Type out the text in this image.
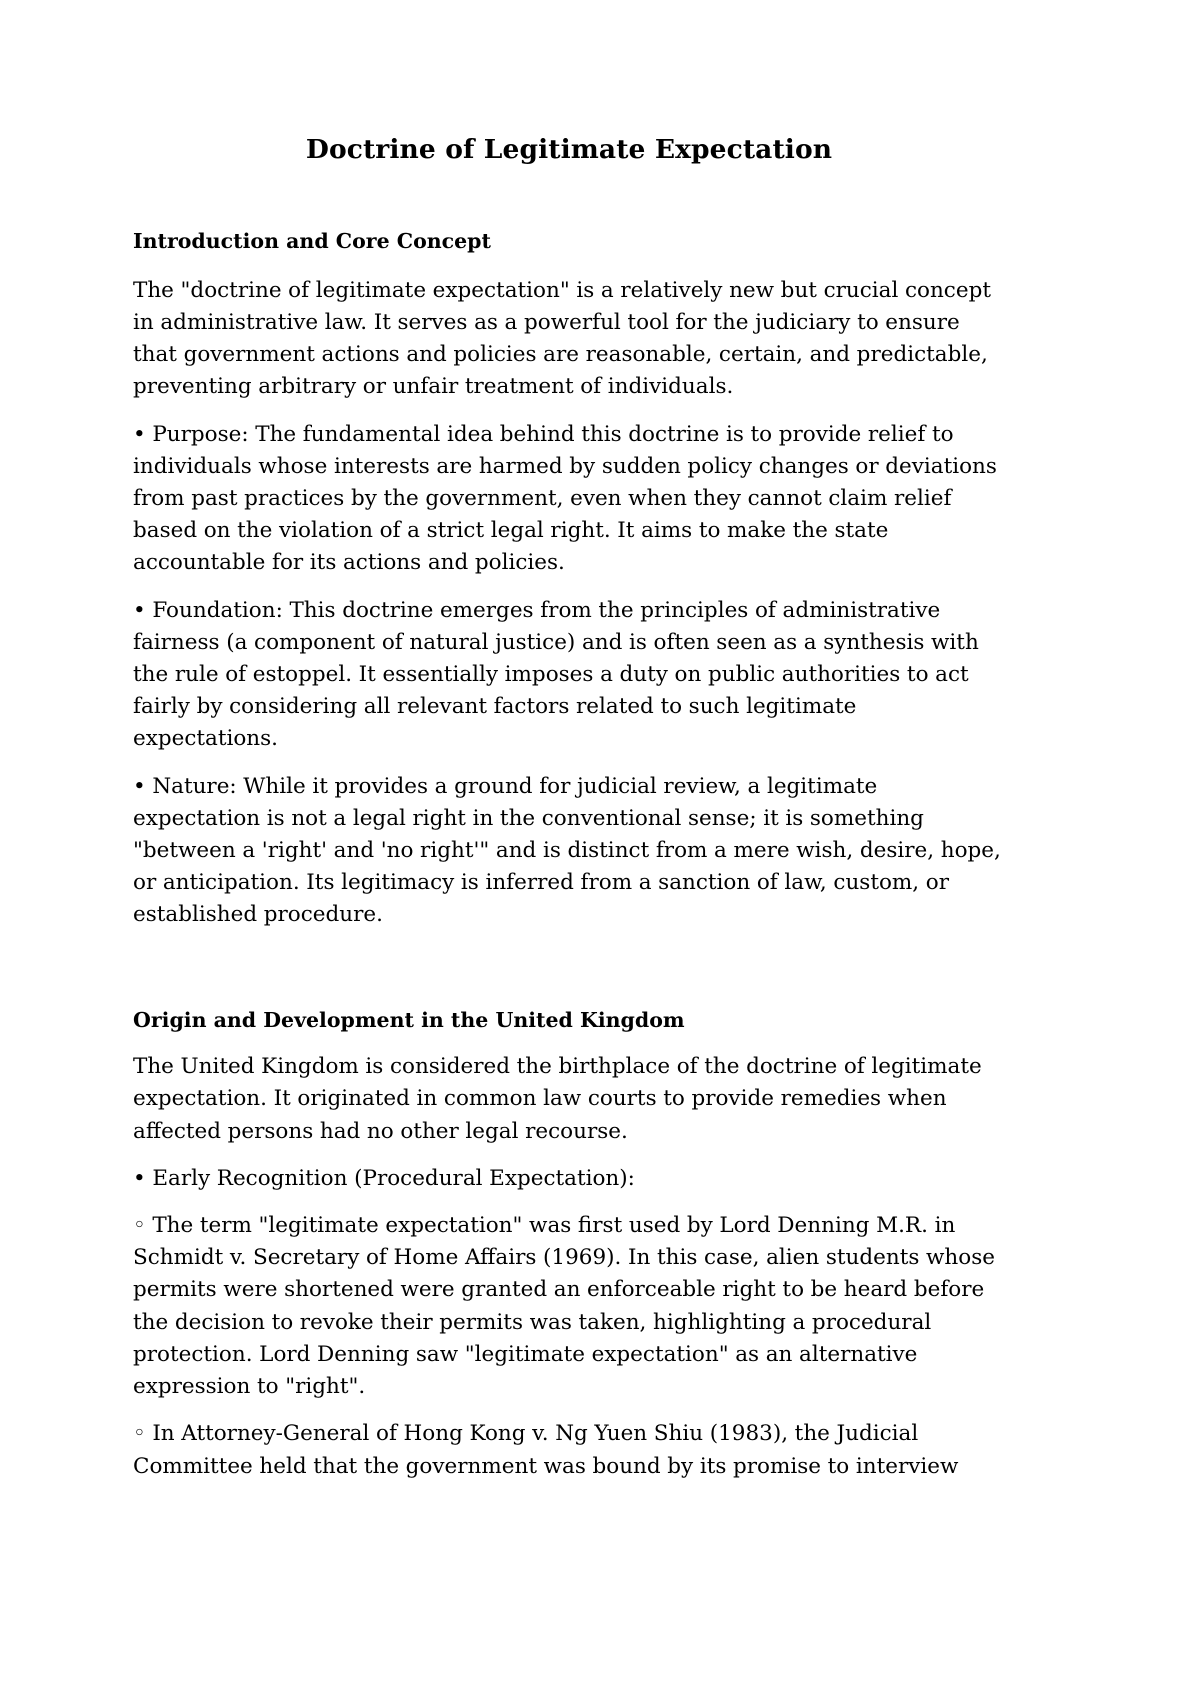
Doctrine of Legitimate Expectation
Introduction and Core Concept

The "doctrine of legitimate expectation" is a relatively new but crucial concept in administrative law. It serves as a powerful tool for the judiciary to ensure that government actions and policies are reasonable, certain, and predictable, preventing arbitrary or unfair treatment of individuals.

• Purpose: The fundamental idea behind this doctrine is to provide relief to individuals whose interests are harmed by sudden policy changes or deviations from past practices by the government, even when they cannot claim relief based on the violation of a strict legal right. It aims to make the state accountable for its actions and policies.

• Foundation: This doctrine emerges from the principles of administrative fairness (a component of natural justice) and is often seen as a synthesis with the rule of estoppel. It essentially imposes a duty on public authorities to act fairly by considering all relevant factors related to such legitimate expectations.

• Nature: While it provides a ground for judicial review, a legitimate expectation is not a legal right in the conventional sense; it is something "between a 'right' and 'no right'" and is distinct from a mere wish, desire, hope, or anticipation. Its legitimacy is inferred from a sanction of law, custom, or established procedure.

Origin and Development in the United Kingdom

The United Kingdom is considered the birthplace of the doctrine of legitimate expectation. It originated in common law courts to provide remedies when affected persons had no other legal recourse.

• Early Recognition (Procedural Expectation):

◦ The term "legitimate expectation" was first used by Lord Denning M.R. in Schmidt v. Secretary of Home Affairs (1969). In this case, alien students whose permits were shortened were granted an enforceable right to be heard before the decision to revoke their permits was taken, highlighting a procedural protection. Lord Denning saw "legitimate expectation" as an alternative expression to "right".

◦ In Attorney-General of Hong Kong v. Ng Yuen Shiu (1983), the Judicial Committee held that the government was bound by its promise to interview
